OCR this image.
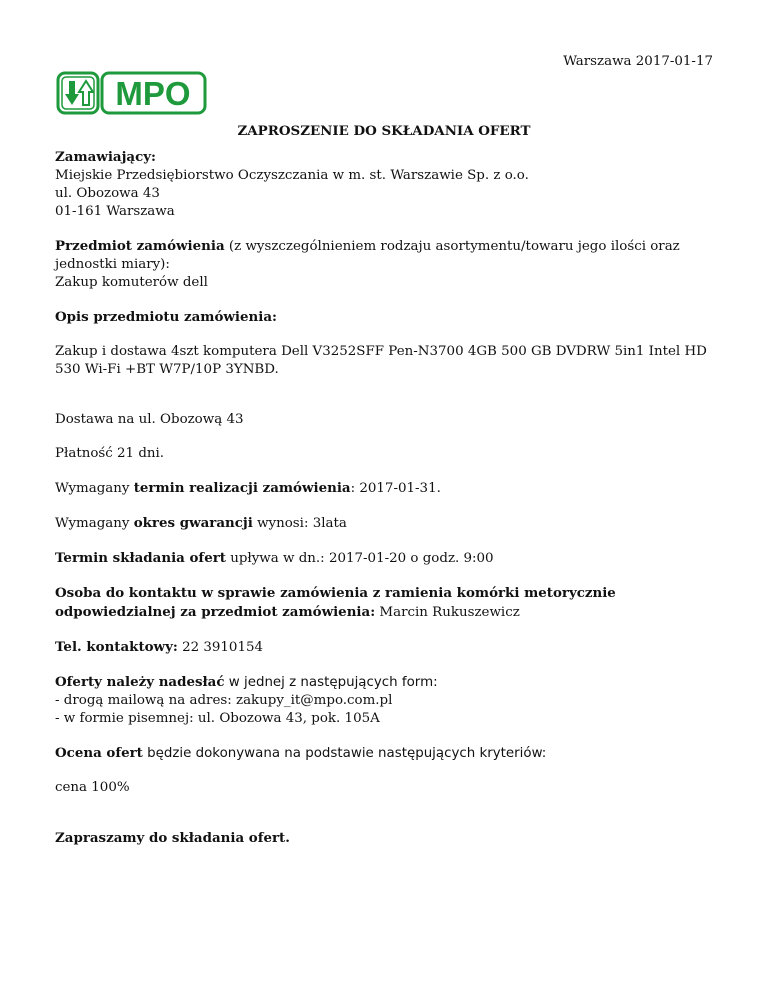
Warszawa 2017-01-17
MPO
ZAPROSZENIE DO SKŁADANIA OFERT

Zamawiający:
Miejskie Przedsiębiorstwo Oczyszczania w m. st. Warszawie Sp. z o.o.
ul. Obozowa 43
01-161 Warszawa

Przedmiot zamówienia (z wyszczególnieniem rodzaju asortymentu/towaru jego ilości oraz jednostki miary):
Zakup komuterów dell

Opis przedmiotu zamówienia:

Zakup i dostawa 4szt komputera Dell V3252SFF Pen-N3700 4GB 500 GB DVDRW 5in1 Intel HD 530 Wi-Fi +BT W7P/10P 3YNBD.

Dostawa na ul. Obozową 43

Płatność 21 dni.

Wymagany termin realizacji zamówienia: 2017-01-31.

Wymagany okres gwarancji wynosi: 3lata

Termin składania ofert upływa w dn.: 2017-01-20 o godz. 9:00

Osoba do kontaktu w sprawie zamówienia z ramienia komórki metorycznie odpowiedzialnej za przedmiot zamówienia: Marcin Rukuszewicz

Tel. kontaktowy: 22 3910154

Oferty należy nadesłać w jednej z następujących form:
- drogą mailową na adres: zakupy_it@mpo.com.pl
- w formie pisemnej: ul. Obozowa 43, pok. 105A

Ocena ofert będzie dokonywana na podstawie następujących kryteriów:

cena 100%

Zapraszamy do składania ofert.
